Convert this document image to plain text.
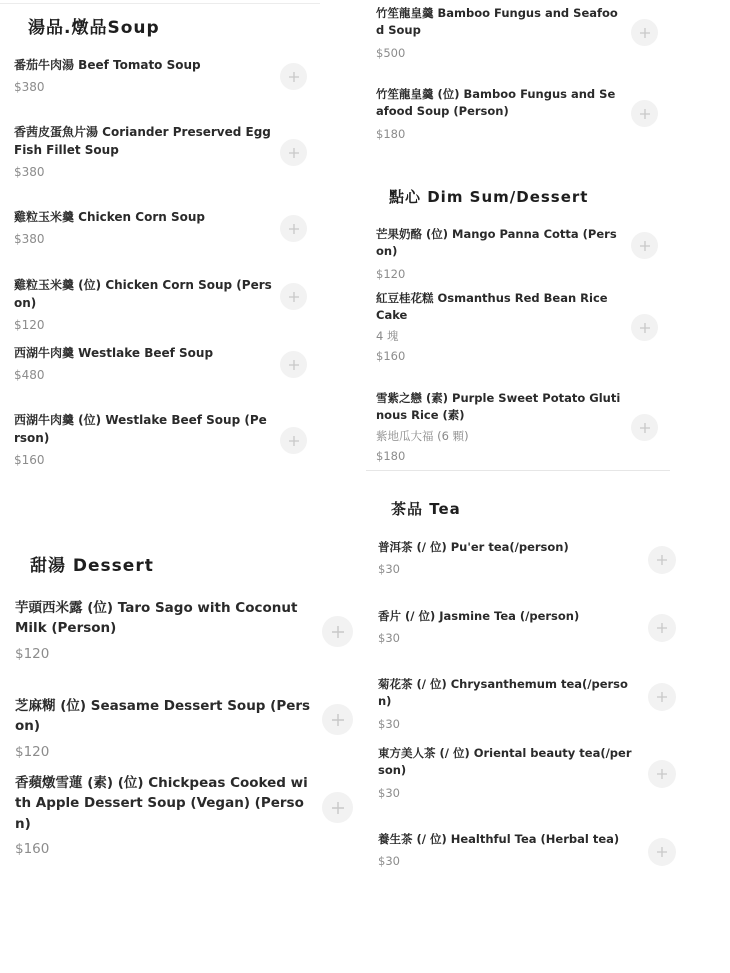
湯品.燉品Soup
番茄牛肉湯 Beef Tomato Soup
$380
香茜皮蛋魚片湯 Coriander Preserved Egg Fish Fillet Soup
$380
雞粒玉米羹 Chicken Corn Soup
$380
雞粒玉米羹 (位) Chicken Corn Soup (Person)
$120
西湖牛肉羹 Westlake Beef Soup
$480
西湖牛肉羹 (位) Westlake Beef Soup (Person)
$160
甜湯 Dessert
芋頭西米露 (位) Taro Sago with Coconut Milk (Person)
$120
芝麻糊 (位) Seasame Dessert Soup (Person)
$120
香蘋燉雪蓮 (素) (位) Chickpeas Cooked with Apple Dessert Soup (Vegan) (Person)
$160
竹笙龍皇羹 Bamboo Fungus and Seafood Soup
$500
竹笙龍皇羹 (位) Bamboo Fungus and Seafood Soup (Person)
$180
點心 Dim Sum/Dessert
芒果奶酪 (位) Mango Panna Cotta (Person)
$120
紅豆桂花糕 Osmanthus Red Bean Rice Cake
4 塊
$160
雪紫之戀 (素) Purple Sweet Potato Glutinous Rice (素)
紫地瓜大福 (6 顆)
$180
茶品 Tea
普洱茶 (/ 位) Pu'er tea(/person)
$30
香片 (/ 位) Jasmine Tea (/person)
$30
菊花茶 (/ 位) Chrysanthemum tea(/person)
$30
東方美人茶 (/ 位) Oriental beauty tea(/person)
$30
養生茶 (/ 位) Healthful Tea (Herbal tea)
$30
